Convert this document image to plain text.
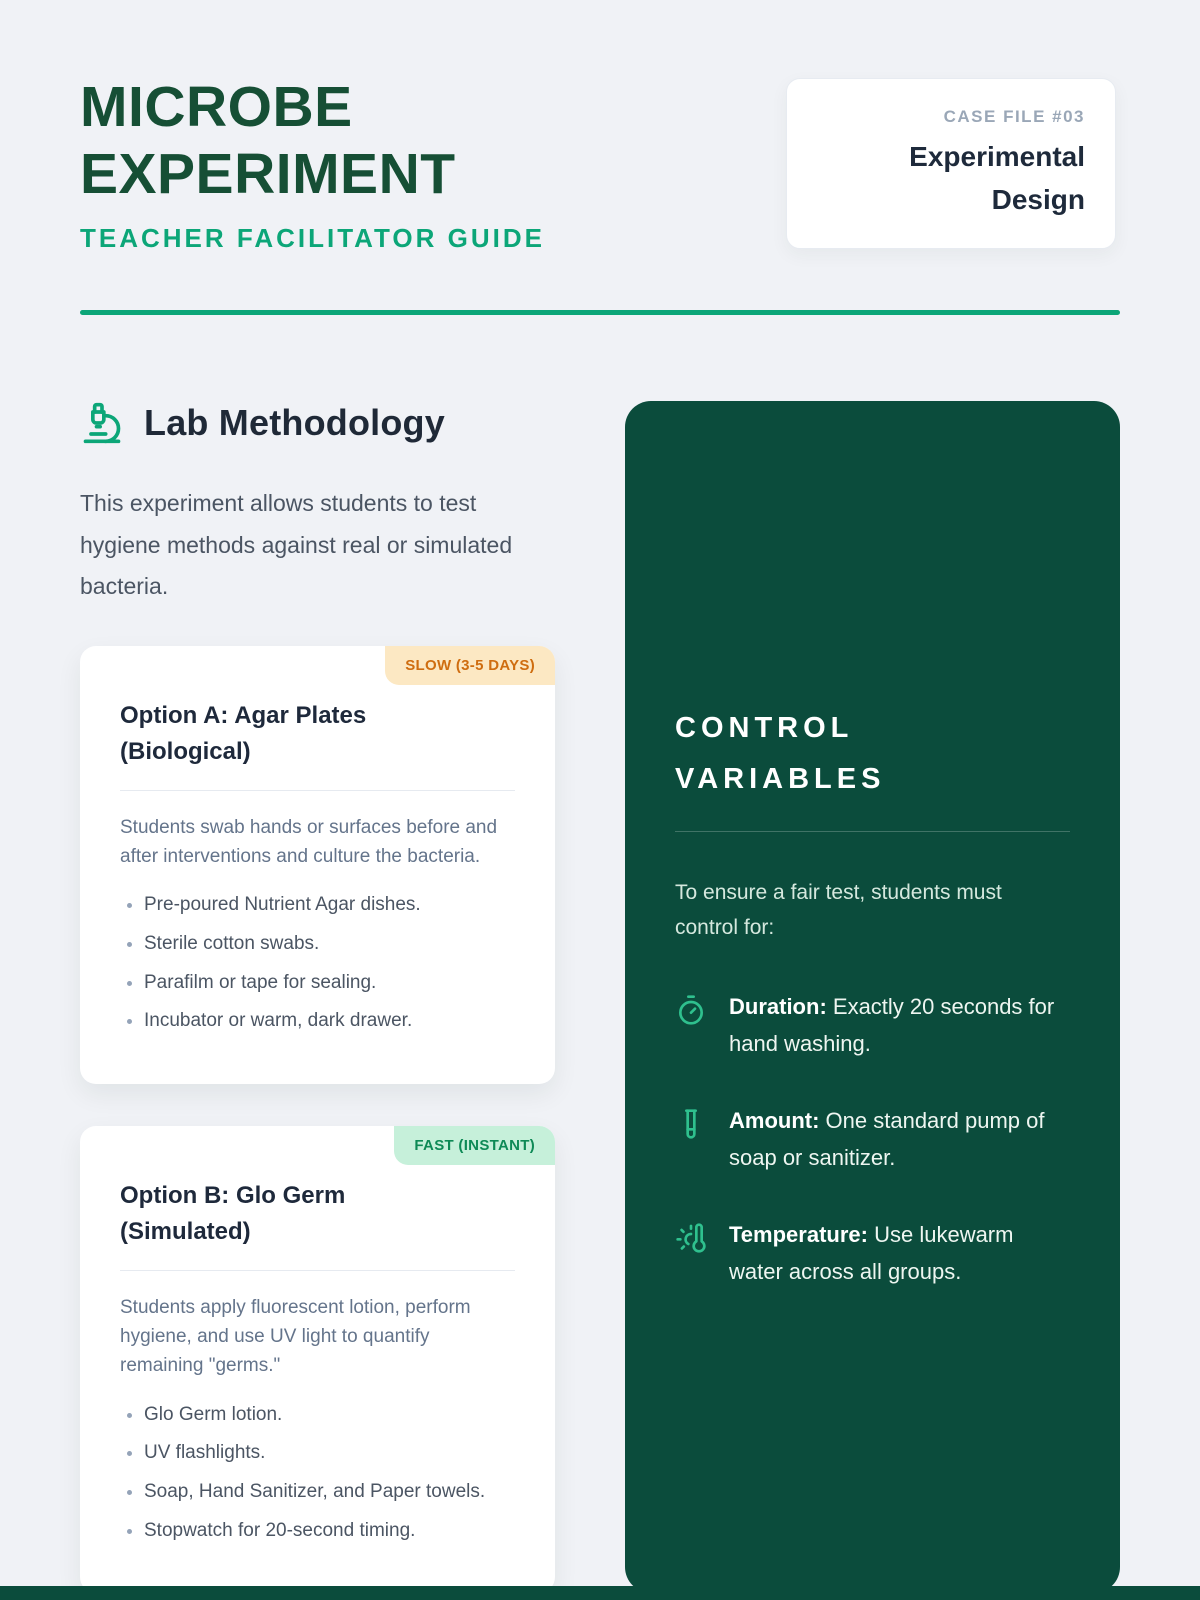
MICROBE
EXPERIMENT
TEACHER FACILITATOR GUIDE
CASE FILE #03
Experimental Design
Lab Methodology

This experiment allows students to test hygiene methods against real or simulated bacteria.

SLOW (3-5 DAYS)
Option A: Agar Plates (Biological)

Students swab hands or surfaces before and after interventions and culture the bacteria.

• Pre-poured Nutrient Agar dishes.
• Sterile cotton swabs.
• Parafilm or tape for sealing.
• Incubator or warm, dark drawer.
FAST (INSTANT)
Option B: Glo Germ (Simulated)

Students apply fluorescent lotion, perform hygiene, and use UV light to quantify remaining "germs."

• Glo Germ lotion.
• UV flashlights.
• Soap, Hand Sanitizer, and Paper towels.
• Stopwatch for 20-second timing.
CONTROL
VARIABLES

To ensure a fair test, students must control for:

Duration: Exactly 20 seconds for hand washing.

Amount: One standard pump of soap or sanitizer.

Temperature: Use lukewarm water across all groups.
